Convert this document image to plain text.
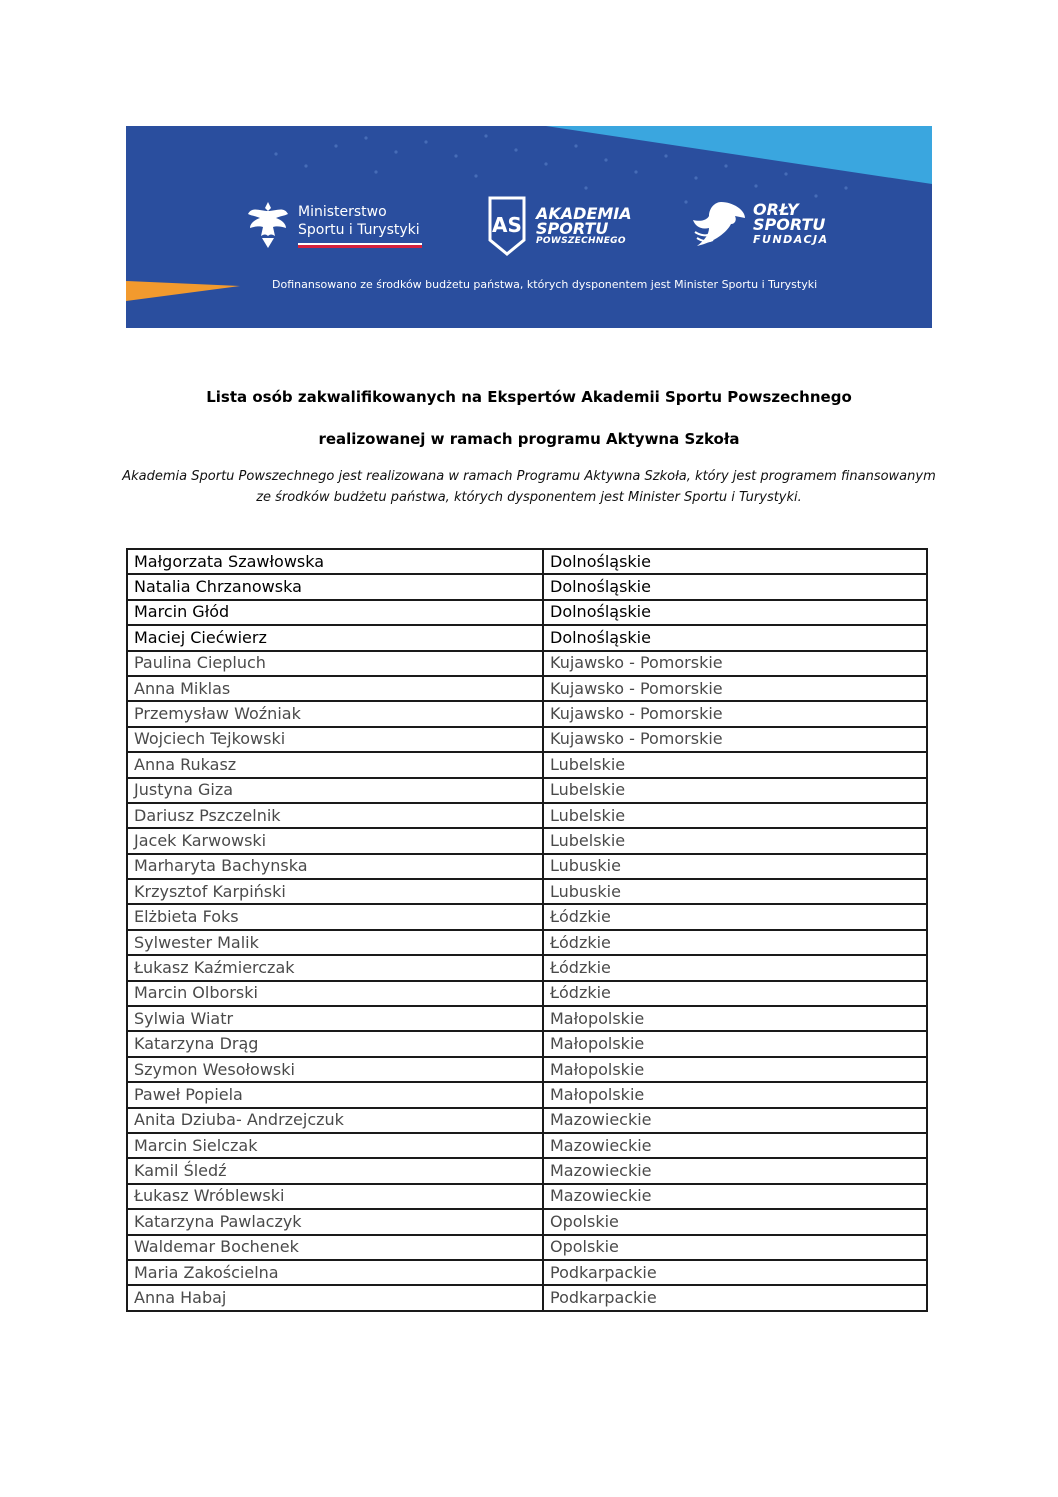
Ministerstwo
Sportu i Turystyki	AS AKADEMIA
SPORTU
POWSZECHNEGO
ORŁY
SPORTU
FUNDACJA
Dofinansowano ze środków budżetu państwa, których dysponentem jest Minister Sportu i Turystyki
Lista osób zakwalifikowanych na Ekspertów Akademii Sportu Powszechnego
realizowanej w ramach programu Aktywna Szkoła
Akademia Sportu Powszechnego jest realizowana w ramach Programu Aktywna Szkoła, który jest programem finansowanym
ze środków budżetu państwa, których dysponentem jest Minister Sportu i Turystyki.
Małgorzata Szawłowska	Dolnośląskie
Natalia Chrzanowska	Dolnośląskie
Marcin Głód	Dolnośląskie
Maciej Ciećwierz	Dolnośląskie
Paulina Ciepluch	Kujawsko - Pomorskie
Anna Miklas	Kujawsko - Pomorskie
Przemysław Woźniak	Kujawsko - Pomorskie
Wojciech Tejkowski	Kujawsko - Pomorskie
Anna Rukasz	Lubelskie
Justyna Giza	Lubelskie
Dariusz Pszczelnik	Lubelskie
Jacek Karwowski	Lubelskie
Marharyta Bachynska	Lubuskie
Krzysztof Karpiński	Lubuskie
Elżbieta Foks	Łódzkie
Sylwester Malik	Łódzkie
Łukasz Kaźmierczak	Łódzkie
Marcin Olborski	Łódzkie
Sylwia Wiatr	Małopolskie
Katarzyna Drąg	Małopolskie
Szymon Wesołowski	Małopolskie
Paweł Popiela	Małopolskie
Anita Dziuba- Andrzejczuk	Mazowieckie
Marcin Sielczak	Mazowieckie
Kamil Śledź	Mazowieckie
Łukasz Wróblewski	Mazowieckie
Katarzyna Pawlaczyk	Opolskie
Waldemar Bochenek	Opolskie
Maria Zakościelna	Podkarpackie
Anna Habaj	Podkarpackie
